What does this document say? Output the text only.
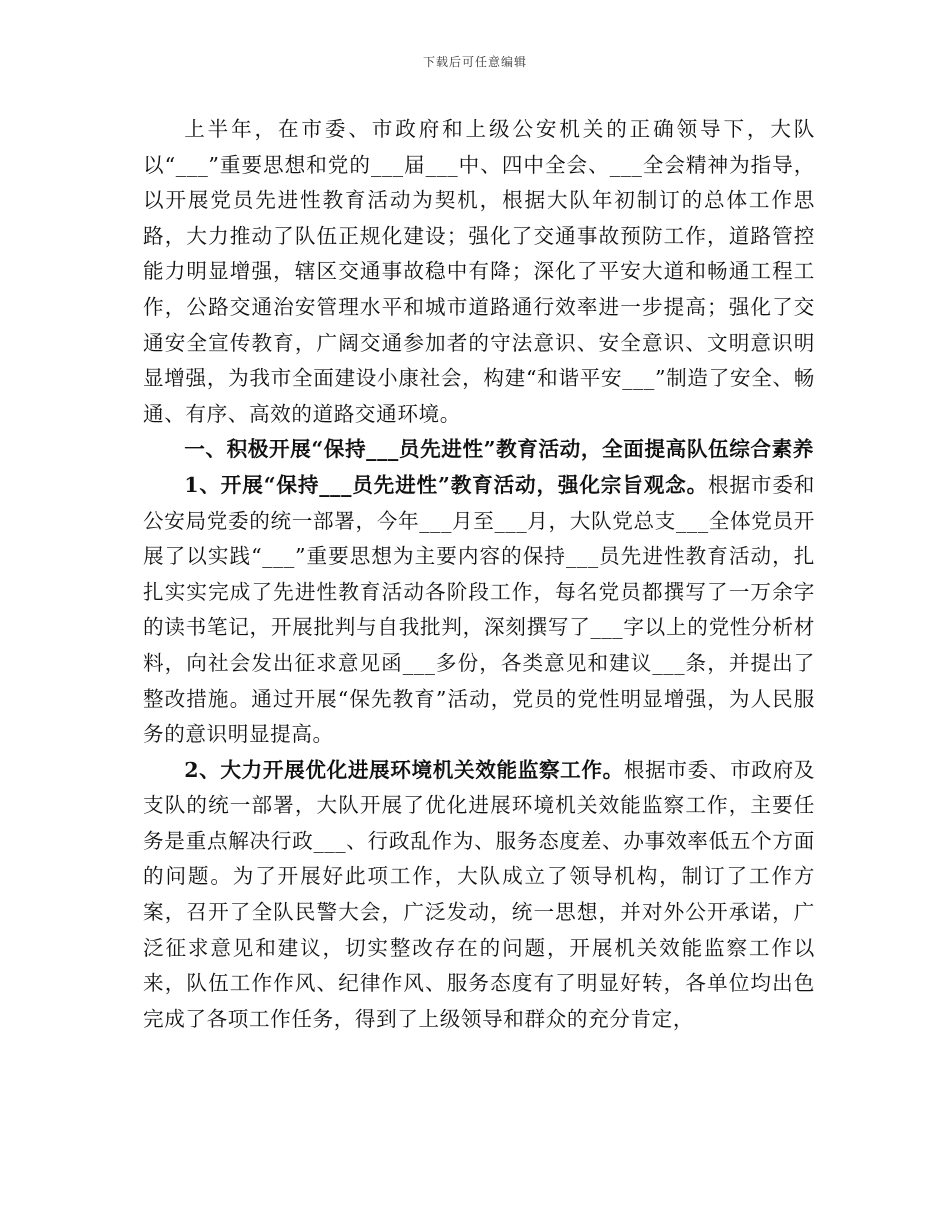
下载后可任意编辑

上半年，在市委、市政府和上级公安机关的正确领导下，大队以“___”重要思想和党的___届___中、四中全会、___全会精神为指导，以开展党员先进性教育活动为契机，根据大队年初制订的总体工作思路，大力推动了队伍正规化建设；强化了交通事故预防工作，道路管控能力明显增强，辖区交通事故稳中有降；深化了平安大道和畅通工程工作，公路交通治安管理水平和城市道路通行效率进一步提高；强化了交通安全宣传教育，广阔交通参加者的守法意识、安全意识、文明意识明显增强，为我市全面建设小康社会，构建“和谐平安___”制造了安全、畅通、有序、高效的道路交通环境。

一、积极开展“保持___员先进性”教育活动，全面提高队伍综合素养

1、开展“保持___员先进性”教育活动，强化宗旨观念。根据市委和公安局党委的统一部署，今年___月至___月，大队党总支___全体党员开展了以实践“___”重要思想为主要内容的保持___员先进性教育活动，扎扎实实完成了先进性教育活动各阶段工作，每名党员都撰写了一万余字的读书笔记，开展批判与自我批判，深刻撰写了___字以上的党性分析材料，向社会发出征求意见函___多份，各类意见和建议___条，并提出了整改措施。通过开展“保先教育”活动，党员的党性明显增强，为人民服务的意识明显提高。

2、大力开展优化进展环境机关效能监察工作。根据市委、市政府及支队的统一部署，大队开展了优化进展环境机关效能监察工作，主要任务是重点解决行政___、行政乱作为、服务态度差、办事效率低五个方面的问题。为了开展好此项工作，大队成立了领导机构，制订了工作方案，召开了全队民警大会，广泛发动，统一思想，并对外公开承诺，广泛征求意见和建议，切实整改存在的问题，开展机关效能监察工作以来，队伍工作作风、纪律作风、服务态度有了明显好转，各单位均出色完成了各项工作任务，得到了上级领导和群众的充分肯定，
